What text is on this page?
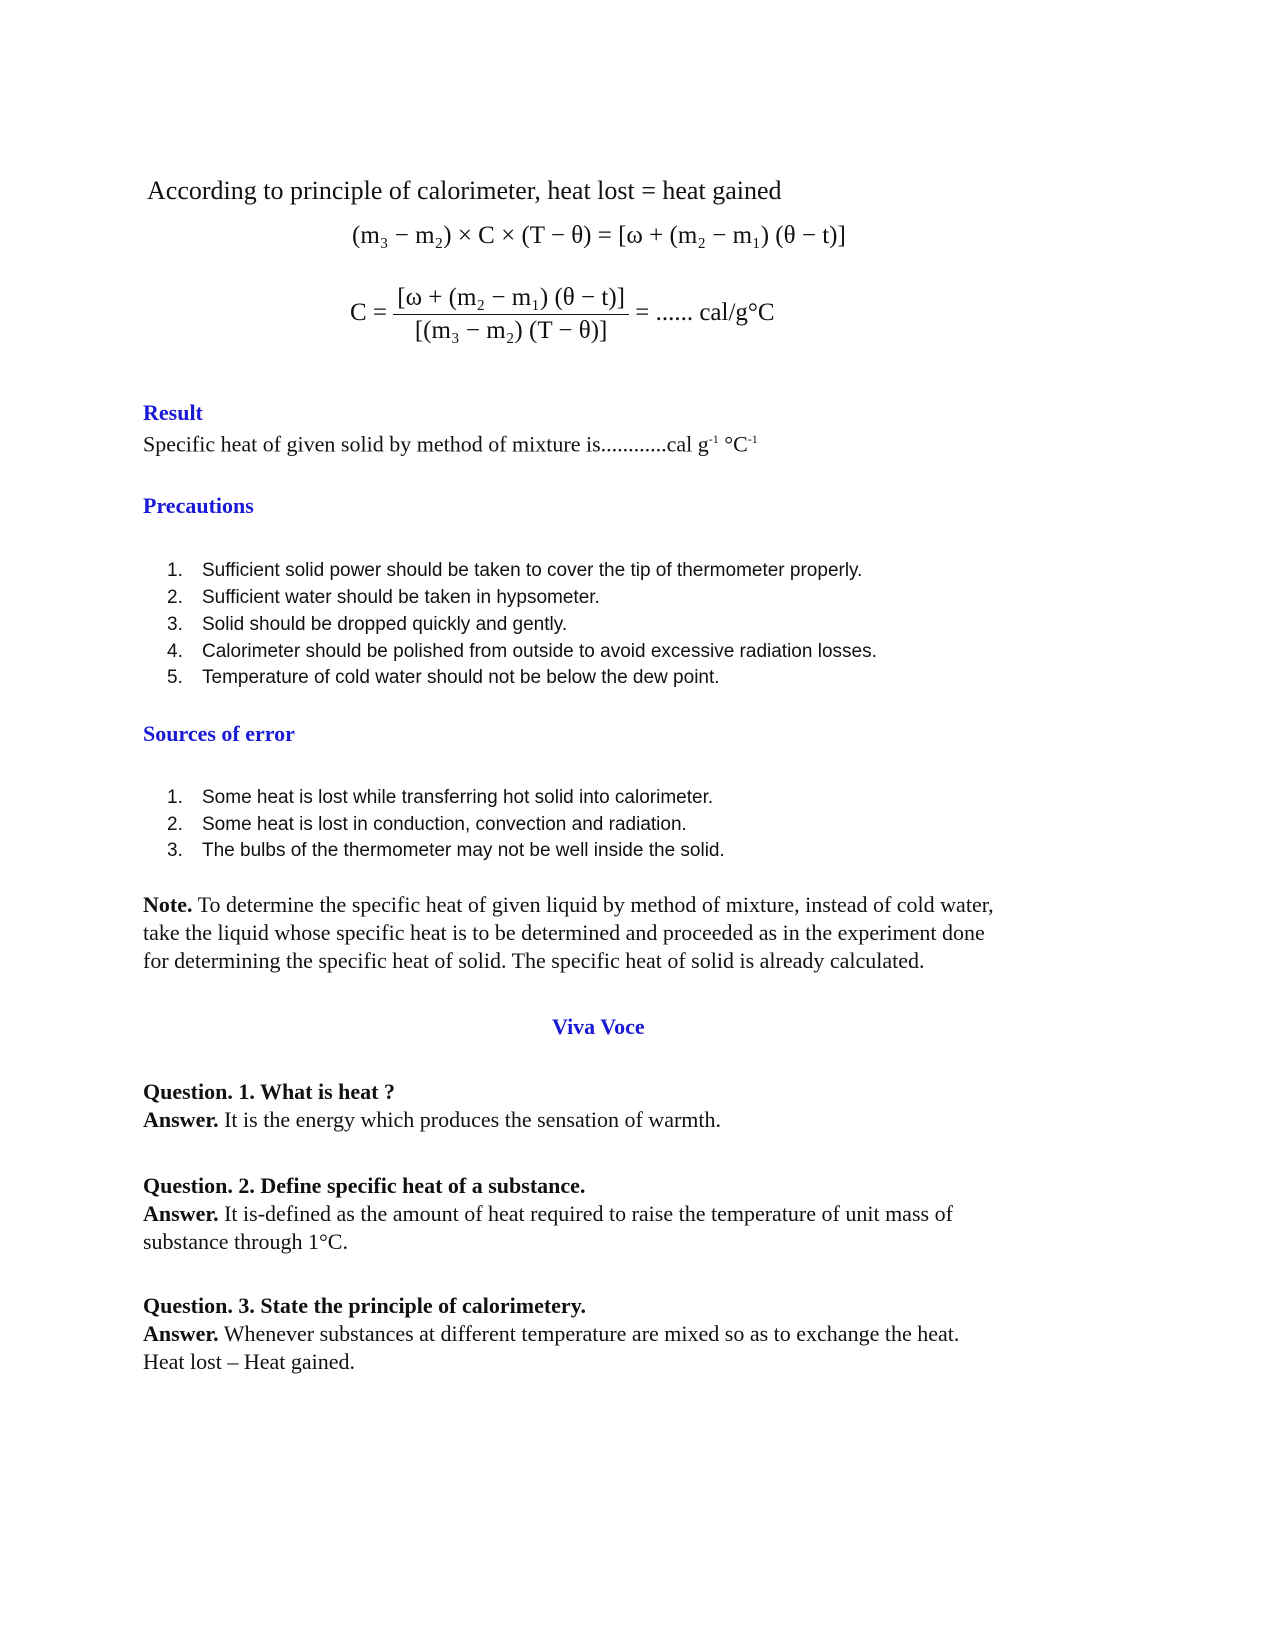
According to principle of calorimeter, heat lost = heat gained
(m₃ − m₂) × C × (T − θ) = [ω + (m₂ − m₁) (θ − t)]
$C = \frac{\text{[ω + (m₂ − m₁) (θ − t)]}}{\text{[(m₃ − m₂) (T − θ)]}}$ = ...... cal/g°C
Result
Specific heat of given solid by method of mixture is............cal $g^{-1}$ $^\circ C^{-1}$
Precautions
1. Sufficient solid power should be taken to cover the tip of thermometer properly.
2. Sufficient water should be taken in hypsometer.
3. Solid should be dropped quickly and gently.
4. Calorimeter should be polished from outside to avoid excessive radiation losses.
5. Temperature of cold water should not be below the dew point.
Sources of error
1. Some heat is lost while transferring hot solid into calorimeter.
2. Some heat is lost in conduction, convection and radiation.
3. The bulbs of the thermometer may not be well inside the solid.
Note. To determine the specific heat of given liquid by method of mixture, instead of cold water,
take the liquid whose specific heat is to be determined and proceeded as in the experiment done
for determining the specific heat of solid. The specific heat of solid is already calculated.
Viva Voce
Question. 1. What is heat ?
Answer. It is the energy which produces the sensation of warmth.
Question. 2. Define specific heat of a substance.
Answer. It is-defined as the amount of heat required to raise the temperature of unit mass of
substance through 1°C.
Question. 3. State the principle of calorimetery.
Answer. Whenever substances at different temperature are mixed so as to exchange the heat.
Heat lost – Heat gained.
